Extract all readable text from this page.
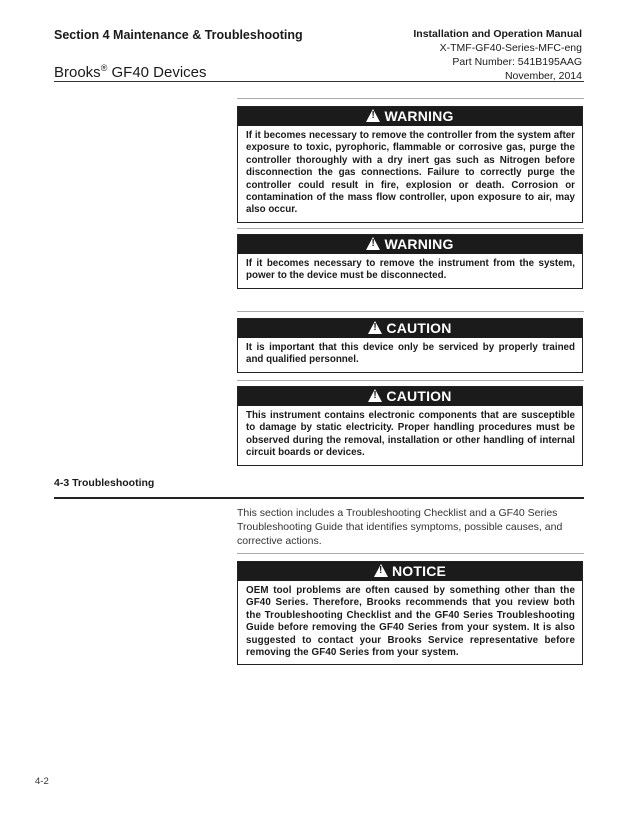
Section 4 Maintenance & Troubleshooting
Brooks® GF40 Devices
Installation and Operation Manual
X-TMF-GF40-Series-MFC-eng
Part Number: 541B195AAG
November, 2014
!WARNING
If it becomes necessary to remove the controller from the system after exposure to toxic, pyrophoric, flammable or corrosive gas, purge the controller thoroughly with a dry inert gas such as Nitrogen before disconnection the gas connections. Failure to correctly purge the controller could result in fire, explosion or death. Corrosion or contamination of the mass flow controller, upon exposure to air, may also occur.
!WARNING
If it becomes necessary to remove the instrument from the system, power to the device must be disconnected.
!CAUTION
It is important that this device only be serviced by properly trained and qualified personnel.
!CAUTION
This instrument contains electronic components that are susceptible to damage by static electricity. Proper handling procedures must be observed during the removal, installation or other handling of internal circuit boards or devices.
4-3 Troubleshooting
This section includes a Troubleshooting Checklist and a GF40 Series Troubleshooting Guide that identifies symptoms, possible causes, and corrective actions.
!NOTICE
OEM tool problems are often caused by something other than the GF40 Series. Therefore, Brooks recommends that you review both the Troubleshooting Checklist and the GF40 Series Troubleshooting Guide before removing the GF40 Series from your system. It is also suggested to contact your Brooks Service representative before removing the GF40 Series from your system.
4-2
